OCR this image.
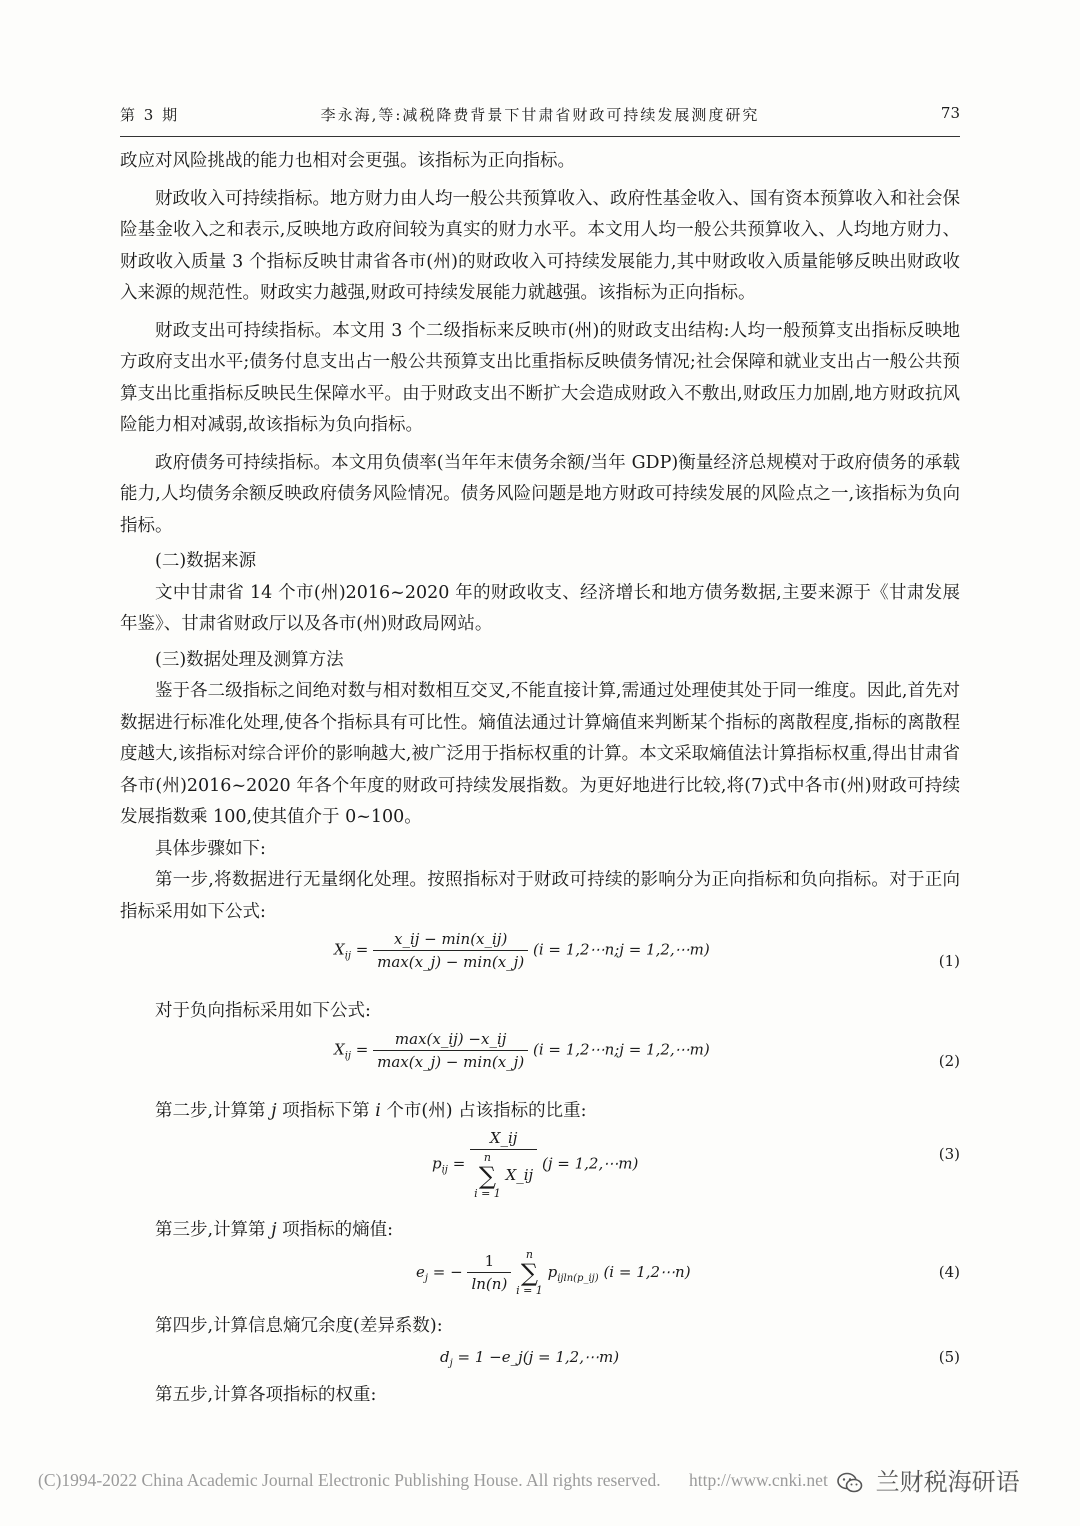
第 3 期	李永海,等:减税降费背景下甘肃省财政可持续发展测度研究	73

政应对风险挑战的能力也相对会更强。该指标为正向指标。

财政收入可持续指标。地方财力由人均一般公共预算收入、政府性基金收入、国有资本预算收入和社会保险基金收入之和表示,反映地方政府间较为真实的财力水平。本文用人均一般公共预算收入、人均地方财力、财政收入质量 3 个指标反映甘肃省各市(州)的财政收入可持续发展能力,其中财政收入质量能够反映出财政收入来源的规范性。财政实力越强,财政可持续发展能力就越强。该指标为正向指标。

财政支出可持续指标。本文用 3 个二级指标来反映市(州)的财政支出结构:人均一般预算支出指标反映地方政府支出水平;债务付息支出占一般公共预算支出比重指标反映债务情况;社会保障和就业支出占一般公共预算支出比重指标反映民生保障水平。由于财政支出不断扩大会造成财政入不敷出,财政压力加剧,地方财政抗风险能力相对减弱,故该指标为负向指标。

政府债务可持续指标。本文用负债率(当年年末债务余额/当年 GDP)衡量经济总规模对于政府债务的承载能力,人均债务余额反映政府债务风险情况。债务风险问题是地方财政可持续发展的风险点之一,该指标为负向指标。

(二)数据来源

文中甘肃省 14 个市(州)2016~2020 年的财政收支、经济增长和地方债务数据,主要来源于《甘肃发展年鉴》、甘肃省财政厅以及各市(州)财政局网站。

(三)数据处理及测算方法

鉴于各二级指标之间绝对数与相对数相互交叉,不能直接计算,需通过处理使其处于同一维度。因此,首先对数据进行标准化处理,使各个指标具有可比性。熵值法通过计算熵值来判断某个指标的离散程度,指标的离散程度越大,该指标对综合评价的影响越大,被广泛用于指标权重的计算。本文采取熵值法计算指标权重,得出甘肃省各市(州)2016~2020 年各个年度的财政可持续发展指数。为更好地进行比较,将(7)式中各市(州)财政可持续发展指数乘 100,使其值介于 0~100。

具体步骤如下:

第一步,将数据进行无量纲化处理。按照指标对于财政可持续的影响分为正向指标和负向指标。对于正向指标采用如下公式:

$X_{ij} = \frac{x\_ij - \min(x\_ij)}{\max(x\_j) - \min(x\_j)} (i$ = 1,2⋯n;j = 1,2,⋯m)
(1)

对于负向指标采用如下公式:

$X_{ij} = \frac{\max(x\_ij) -x\_ij}{\max(x\_j) - \min(x\_j)} (i$ = 1,2⋯n;j = 1,2,⋯m)
(2)

第二步,计算第 j 项指标下第 i 个市(州) 占该指标的比重:

$p_{ij}$ = X_ij
n
∑
i = 1 X_ij (j = 1,2,⋯m)
(3)

第三步,计算第 j 项指标的熵值:

$e_j$ = − $\frac{1}{\ln(n)}$ n
∑
i = 1 $p_{ijln(p\_ij)}$ (i = 1,2⋯n)	(4)

第四步,计算信息熵冗余度(差异系数):

$d_j = 1$ −e_j(j = 1,2,⋯m)	(5)

第五步,计算各项指标的权重:

(C)1994-2022 China Academic Journal Electronic Publishing House. All rights reserved. http://www.cnki.net	兰财税海研语
